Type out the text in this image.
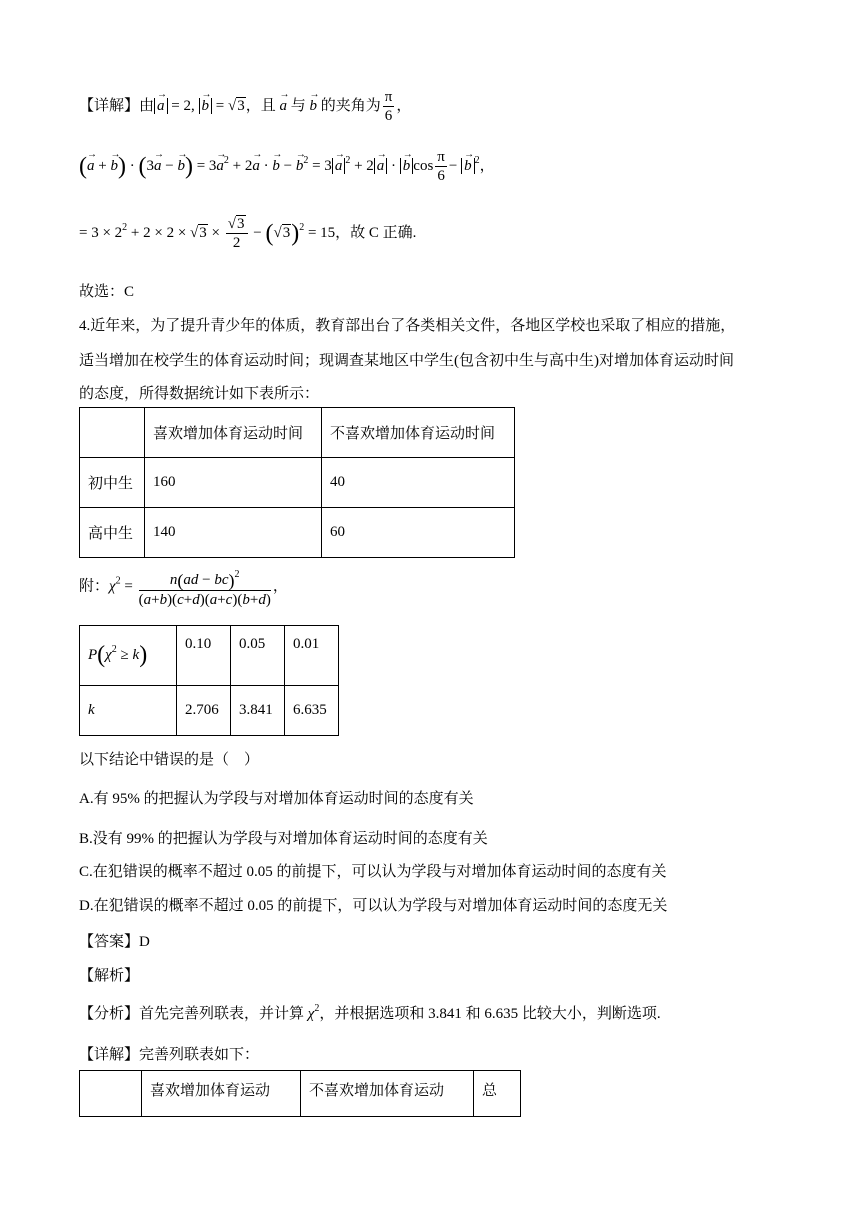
【详解】由 → a = 2, → b = √3，且 → a 与 → b 的夹角为 $\frac{\pi}{6}$ ，
(→ a + → b) · (3→ a − → $b) = 3\to a^2 + 2\to a$ · → b − → $b^2 = 3 \to a$ $^2$ + 2 → a · → b $\cos \frac{\pi}{6}$ − → b $^2$，
= $3 \times 2^2 + 2 \times 2 \times √3 \times \frac{√3}{2} - (√3)^2 = 15$，故 C 正确.
故选：C
4.近年来，为了提升青少年的体质，教育部出台了各类相关文件，各地区学校也采取了相应的措施，
适当增加在校学生的体育运动时间；现调查某地区中学生(包含初中生与高中生)对增加体育运动时间
的态度，所得数据统计如下表所示：
	喜欢增加体育运动时间	不喜欢增加体育运动时间
初中生	160	40
高中生	140	60
附：$\chi^2 = \frac{n(ad - bc)^2}{(a+b)(c+d)(a+c)(b+d)}$ ，
$P(\chi^2 \ge k)$	0.10	0.05	0.01
k	2.706	3.841	6.635
以下结论中错误的是（　）
A.有 95% 的把握认为学段与对增加体育运动时间的态度有关
B.没有 99% 的把握认为学段与对增加体育运动时间的态度有关
C.在犯错误的概率不超过 0.05 的前提下，可以认为学段与对增加体育运动时间的态度有关
D.在犯错误的概率不超过 0.05 的前提下，可以认为学段与对增加体育运动时间的态度无关
【答案】D
【解析】
【分析】首先完善列联表，并计算 $\chi^2$，并根据选项和 3.841 和 6.635 比较大小，判断选项.
【详解】完善列联表如下：
	喜欢增加体育运动	不喜欢增加体育运动	总
